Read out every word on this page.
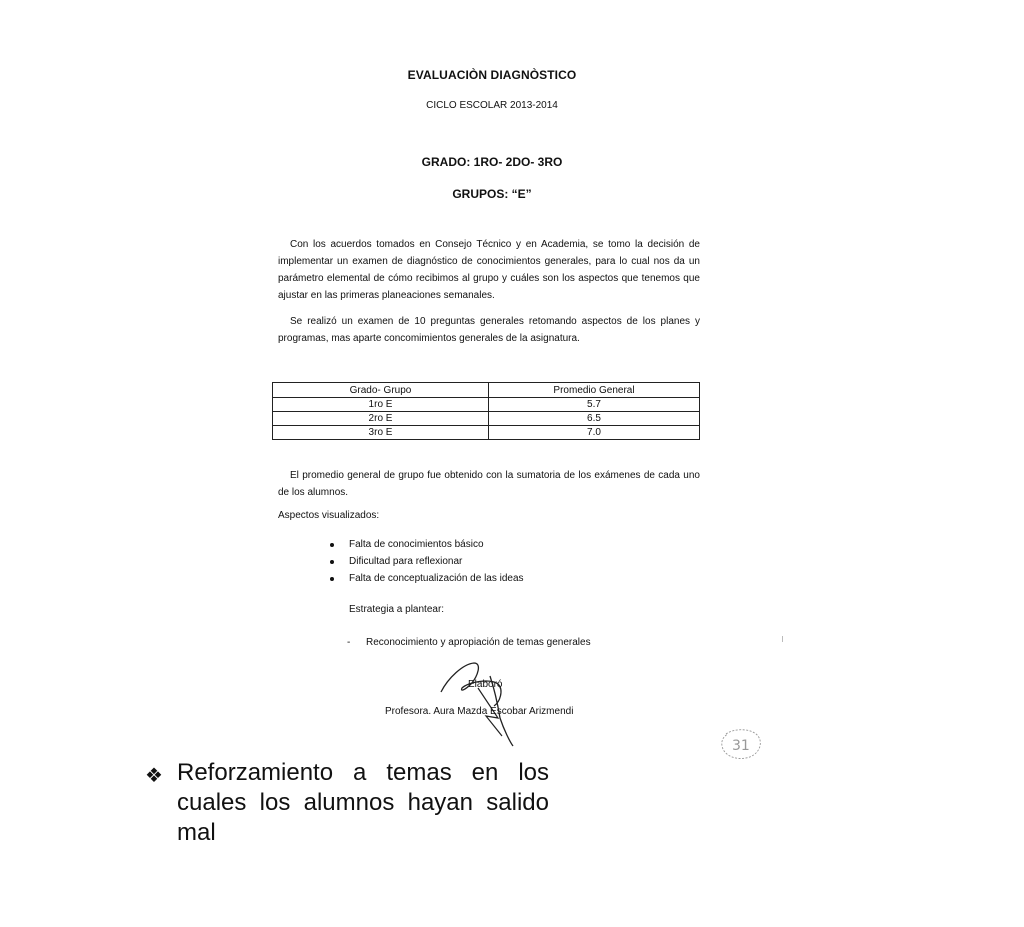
EVALUACIÒN DIAGNÒSTICO
CICLO ESCOLAR 2013-2014
GRADO: 1RO- 2DO- 3RO
GRUPOS: “E”
Con los acuerdos tomados en Consejo Técnico y en Academia, se tomo la decisión de implementar un examen de diagnóstico de conocimientos generales, para lo cual nos da un parámetro elemental de cómo recibimos al grupo y cuáles son los aspectos que tenemos que ajustar en las primeras planeaciones semanales.
Se realizó un examen de 10 preguntas generales retomando aspectos de los planes y programas, mas aparte concomimientos generales de la asignatura.
Grado- Grupo	Promedio General
1ro E	5.7
2ro E	6.5
3ro E	7.0
El promedio general de grupo fue obtenido con la sumatoria de los exámenes de cada uno de los alumnos.
Aspectos visualizados:
Falta de conocimientos básico
Dificultad para reflexionar
Falta de conceptualización de las ideas
Estrategia a plantear:
- Reconocimiento y apropiación de temas generales
Elaboró
Profesora. Aura Mazda Escobar Arizmendi
31
❖ Reforzamiento a temas en los cuales los alumnos hayan salido mal
